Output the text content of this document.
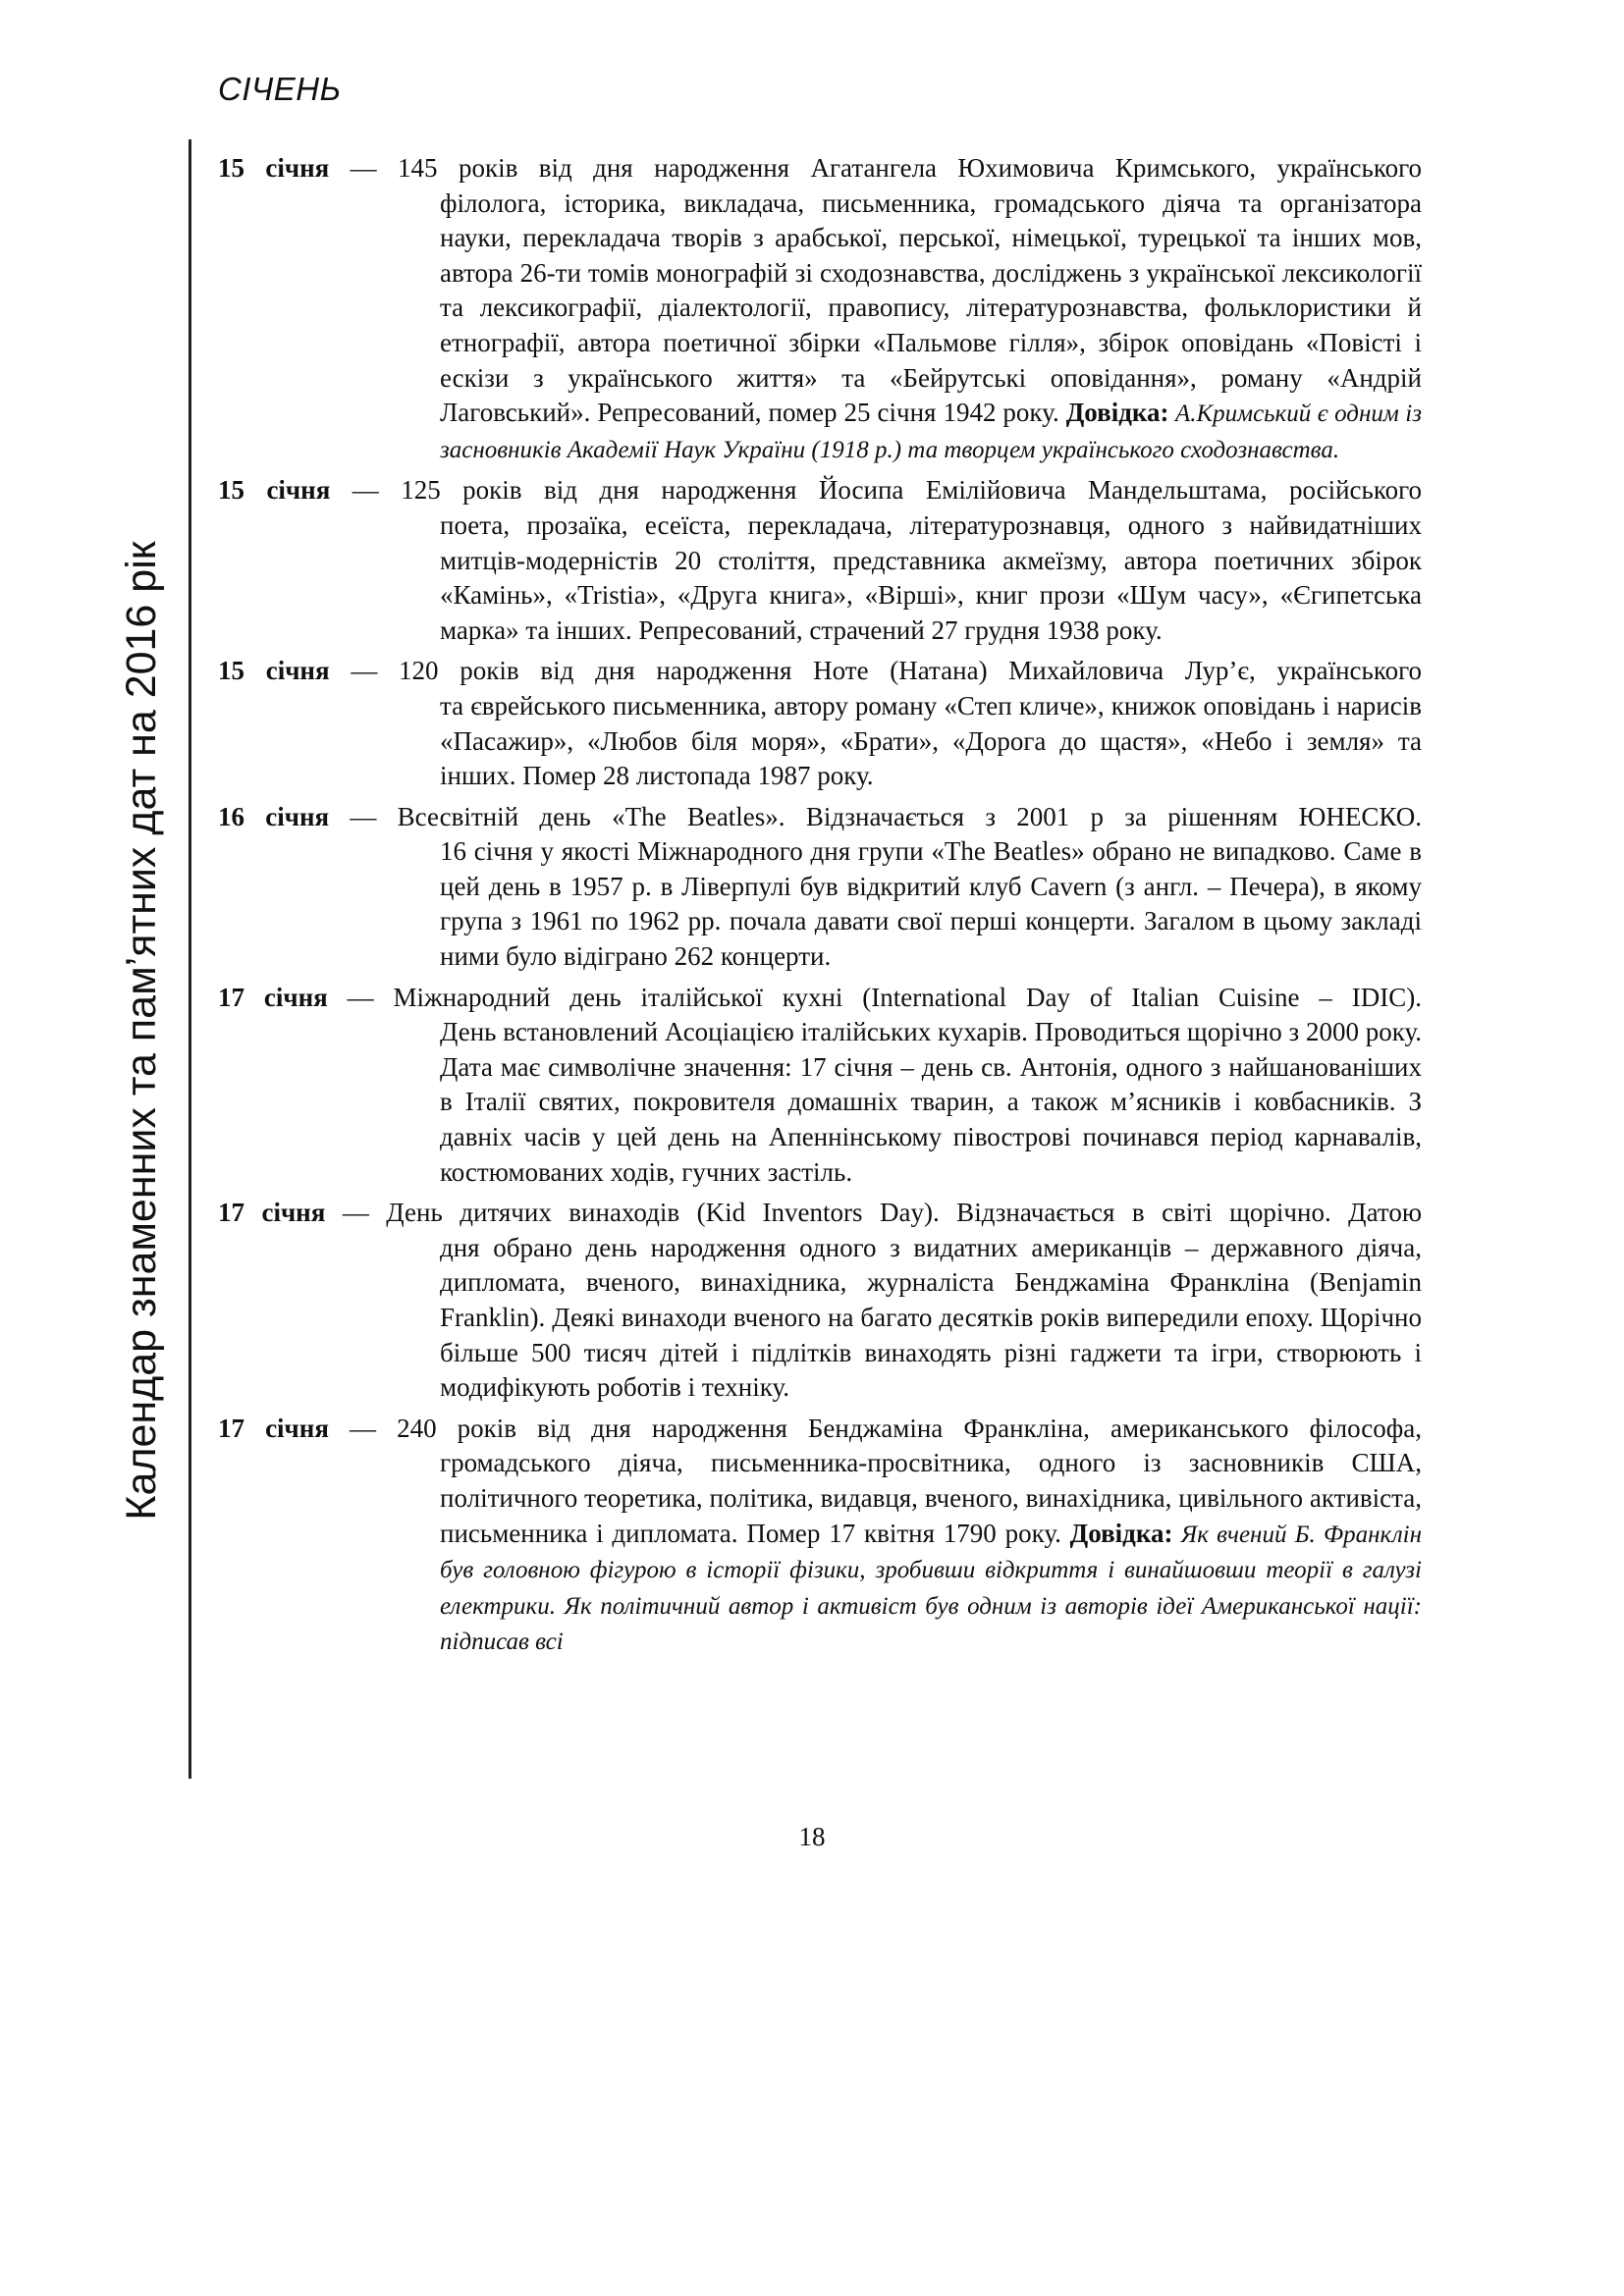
СІЧЕНЬ
Календар знаменних та пам’ятних дат на 2016 рік
15 січня — 145 років від дня народження Агатангела Юхимовича Кримського, українського
філолога, історика, викладача, письменника, громадського діяча та організатора науки, перекладача творів з арабської, перської, німецької, турецької та інших мов, автора 26-ти томів монографій зі сходознавства, досліджень з української лексикології та лексикографії, діалектології, правопису, літературознавства, фольклористики й етнографії, автора поетичної збірки «Пальмове гілля», збірок оповідань «Повісті і ескізи з українського життя» та «Бейрутські оповідання», роману «Андрій Лаговський». Репресований, помер 25 січня 1942 року. Довідка: А.Кримський є одним із засновників Академії Наук України (1918 р.) та творцем українського сходознавства.
15 січня — 125 років від дня народження Йосипа Емілійовича Мандельштама, російського
поета, прозаїка, есеїста, перекладача, літературознавця, одного з найвидатніших митців-модерністів 20 століття, представника акмеїзму, автора поетичних збірок «Камінь», «Tristia», «Друга книга», «Вірші», книг прози «Шум часу», «Єгипетська марка» та інших. Репресований, страчений 27 грудня 1938 року.
15 січня — 120 років від дня народження Ноте (Натана) Михайловича Лур’є, українського
та єврейського письменника, автору роману «Степ кличе», книжок оповідань і нарисів «Пасажир», «Любов біля моря», «Брати», «Дорога до щастя», «Небо і земля» та інших. Помер 28 листопада 1987 року.
16 січня — Всесвітній день «The Beatles». Відзначається з 2001 р за рішенням ЮНЕСКО.
16 січня у якості Міжнародного дня групи «The Beatles» обрано не випадково. Саме в цей день в 1957 р. в Ліверпулі був відкритий клуб Cavern (з англ. – Печера), в якому група з 1961 по 1962 рр. почала давати свої перші концерти. Загалом в цьому закладі ними було відіграно 262 концерти.
17 січня — Міжнародний день італійської кухні (International Day of Italian Cuisine – IDIC).
День встановлений Асоціацією італійських кухарів. Проводиться щорічно з 2000 року. Дата має символічне значення: 17 січня – день св. Антонія, одного з найшанованіших в Італії святих, покровителя домашніх тварин, а також м’ясників і ковбасників. З давніх часів у цей день на Апеннінському півострові починався період карнавалів, костюмованих ходів, гучних застіль.
17 січня — День дитячих винаходів (Kid Inventors Day). Відзначається в світі щорічно. Датою
дня обрано день народження одного з видатних американців – державного діяча, дипломата, вченого, винахідника, журналіста Бенджаміна Франкліна (Benjamin Franklin). Деякі винаходи вченого на багато десятків років випередили епоху. Щорічно більше 500 тисяч дітей і підлітків винаходять різні гаджети та ігри, створюють і модифікують роботів і техніку.
17 січня — 240 років від дня народження Бенджаміна Франкліна, американського філософа,
громадського діяча, письменника-просвітника, одного із засновників США, політичного теоретика, політика, видавця, вченого, винахідника, цивільного активіста, письменника і дипломата. Помер 17 квітня 1790 року. Довідка: Як вчений Б. Франклін був головною фігурою в історії фізики, зробивши відкриття і винайшовши теорії в галузі електрики. Як політичний автор і активіст був одним із авторів ідеї Американської нації: підписав всі
18
